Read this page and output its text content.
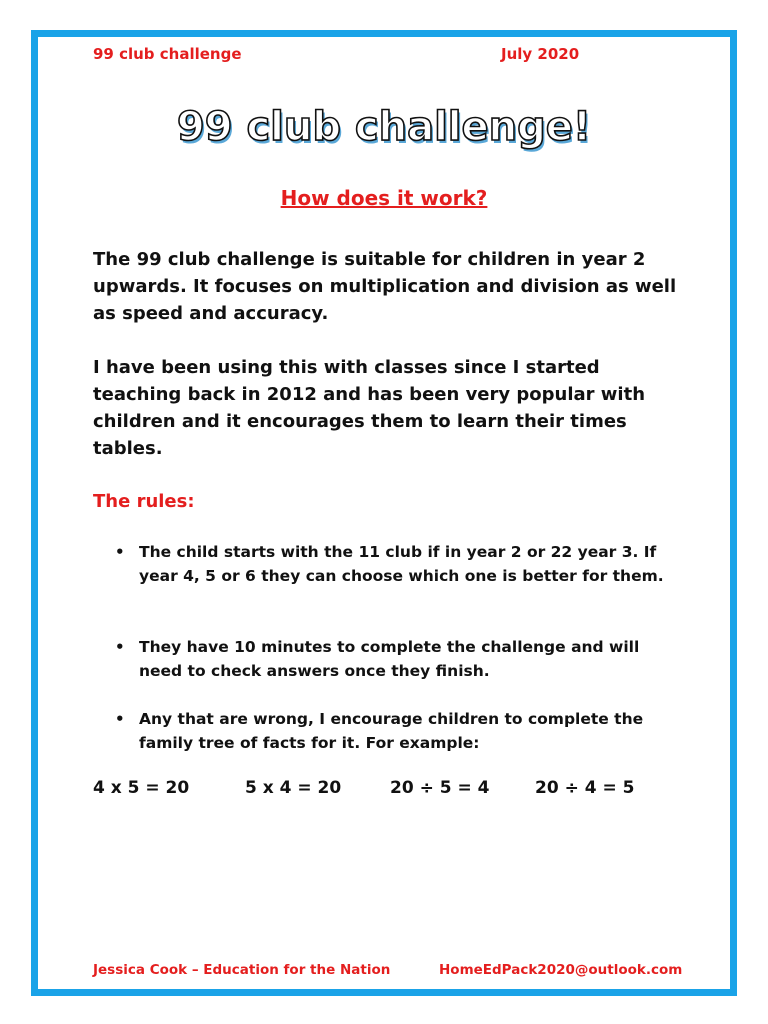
99 club challenge	July 2020
99 club challenge!
How does it work?
The 99 club challenge is suitable for children in year 2 upwards. It focuses on multiplication and division as well as speed and accuracy.
I have been using this with classes since I started teaching back in 2012 and has been very popular with children and it encourages them to learn their times tables.
The rules:
• The child starts with the 11 club if in year 2 or 22 year 3. If year 4, 5 or 6 they can choose which one is better for them.
• They have 10 minutes to complete the challenge and will need to check answers once they finish.
• Any that are wrong, I encourage children to complete the family tree of facts for it. For example:
4 x 5 = 20	5 x 4 = 20	20 ÷ 5 = 4	20 ÷ 4 = 5
Jessica Cook – Education for the Nation	HomeEdPack2020@outlook.com
